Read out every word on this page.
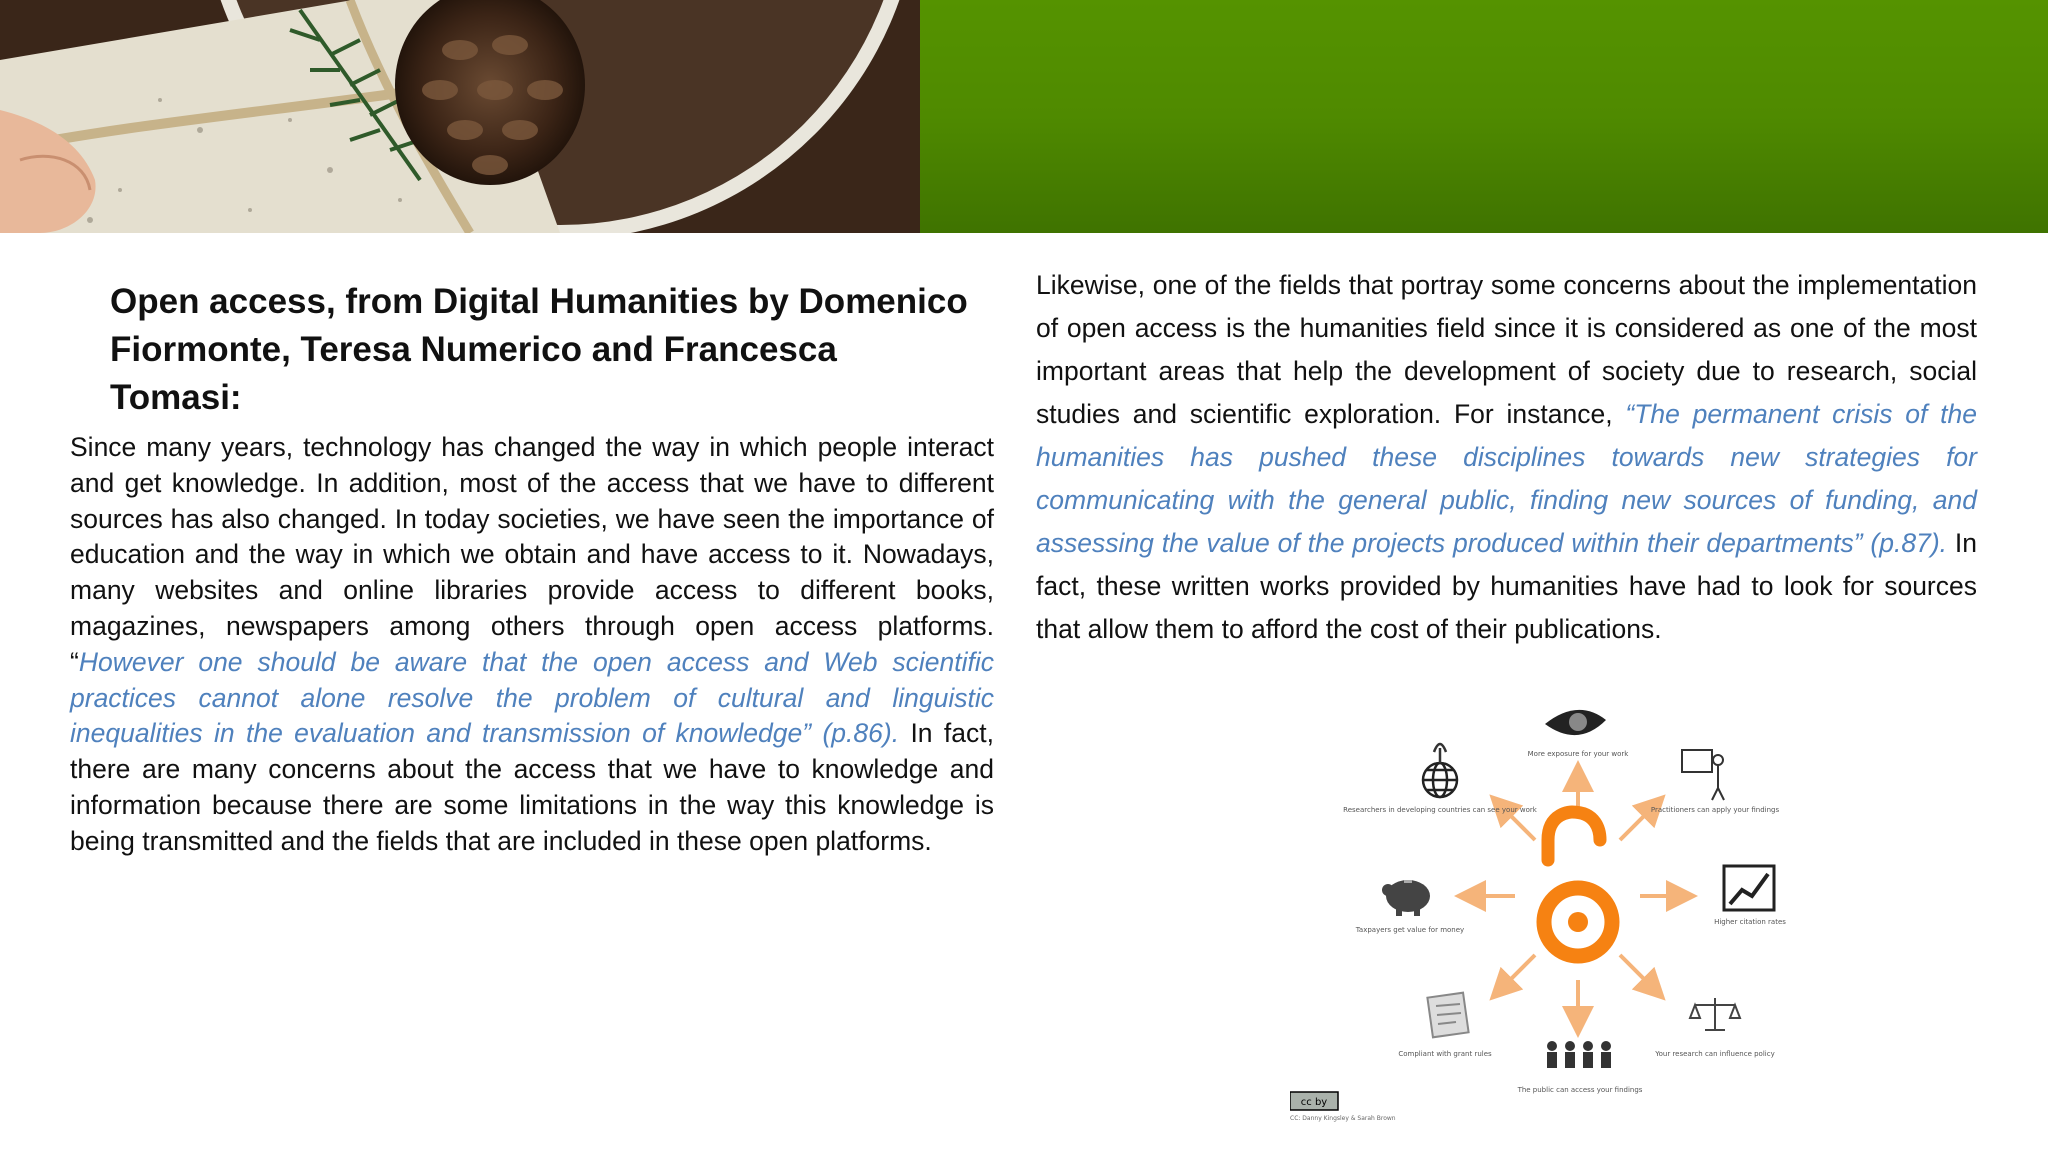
Open access, from Digital Humanities by Domenico
Fiormonte, Teresa Numerico and Francesca Tomasi:

Since many years, technology has changed the way in which people interact and get knowledge. In addition, most of the access that we have to different sources has also changed. In today societies, we have seen the importance of education and the way in which we obtain and have access to it. Nowadays, many websites and online libraries provide access to different books, magazines, newspapers among others through open access platforms. “However one should be aware that the open access and Web scientific practices cannot alone resolve the problem of cultural and linguistic inequalities in the evaluation and transmission of knowledge” (p.86). In fact, there are many concerns about the access that we have to knowledge and information because there are some limitations in the way this knowledge is being transmitted and the fields that are included in these open platforms.

Likewise, one of the fields that portray some concerns about the implementation of open access is the humanities field since it is considered as one of the most important areas that help the development of society due to research, social studies and scientific exploration. For instance, “The permanent crisis of the humanities has pushed these disciplines towards new strategies for communicating with the general public, finding new sources of funding, and assessing the value of the projects produced within their departments” (p.87). In fact, these written works provided by humanities have had to look for sources that allow them to afford the cost of their publications.

More exposure for your work
Practitioners can apply your findings
Higher citation rates
Your research can influence policy
The public can access your findings
Compliant with grant rules
Taxpayers get value for money
Researchers in developing countries can see your work
cc by
CC: Danny Kingsley & Sarah Brown
